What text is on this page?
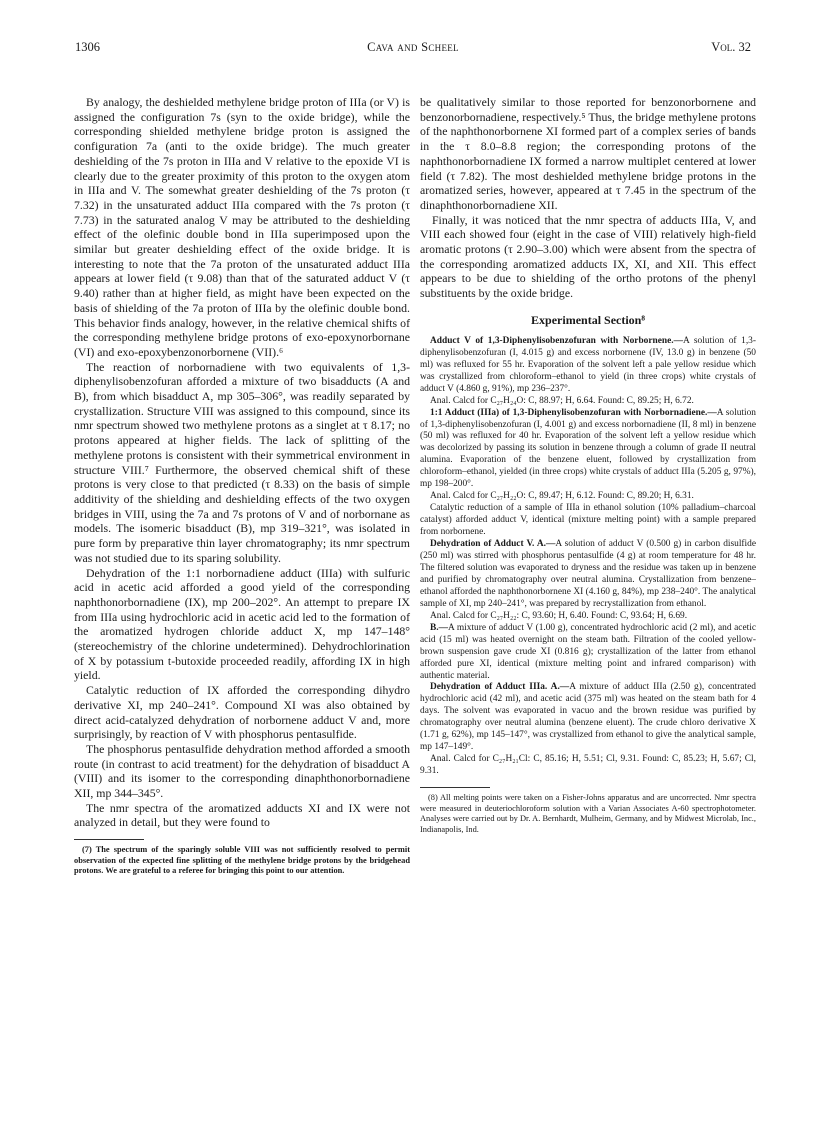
1306	Cava and Scheel	Vol. 32

By analogy, the deshielded methylene bridge proton of IIIa (or V) is assigned the configuration 7s (syn to the oxide bridge), while the corresponding shielded methylene bridge proton is assigned the configuration 7a (anti to the oxide bridge). The much greater deshielding of the 7s proton in IIIa and V relative to the epoxide VI is clearly due to the greater proximity of this proton to the oxygen atom in IIIa and V. The somewhat greater deshielding of the 7s proton (τ 7.32) in the unsaturated adduct IIIa compared with the 7s proton (τ 7.73) in the saturated analog V may be attributed to the deshielding effect of the olefinic double bond in IIIa superimposed upon the similar but greater deshielding effect of the oxide bridge. It is interesting to note that the 7a proton of the unsaturated adduct IIIa appears at lower field (τ 9.08) than that of the saturated adduct V (τ 9.40) rather than at higher field, as might have been expected on the basis of shielding of the 7a proton of IIIa by the olefinic double bond. This behavior finds analogy, however, in the relative chemical shifts of the corresponding methylene bridge protons of exo-epoxynorbornane (VI) and exo-epoxybenzonorbornene (VII).⁶

The reaction of norbornadiene with two equivalents of 1,3-diphenylisobenzofuran afforded a mixture of two bisadducts (A and B), from which bisadduct A, mp 305–306°, was readily separated by crystallization. Structure VIII was assigned to this compound, since its nmr spectrum showed two methylene protons as a singlet at τ 8.17; no protons appeared at higher fields. The lack of splitting of the methylene protons is consistent with their symmetrical environment in structure VIII.⁷ Furthermore, the observed chemical shift of these protons is very close to that predicted (τ 8.33) on the basis of simple additivity of the shielding and deshielding effects of the two oxygen bridges in VIII, using the 7a and 7s protons of V and of norbornane as models. The isomeric bisadduct (B), mp 319–321°, was isolated in pure form by preparative thin layer chromatography; its nmr spectrum was not studied due to its sparing solubility.

Dehydration of the 1:1 norbornadiene adduct (IIIa) with sulfuric acid in acetic acid afforded a good yield of the corresponding naphthonorbornadiene (IX), mp 200–202°. An attempt to prepare IX from IIIa using hydrochloric acid in acetic acid led to the formation of the aromatized hydrogen chloride adduct X, mp 147–148° (stereochemistry of the chlorine undetermined). Dehydrochlorination of X by potassium t-butoxide proceeded readily, affording IX in high yield.

Catalytic reduction of IX afforded the corresponding dihydro derivative XI, mp 240–241°. Compound XI was also obtained by direct acid-catalyzed dehydration of norbornene adduct V and, more surprisingly, by reaction of V with phosphorus pentasulfide.

The phosphorus pentasulfide dehydration method afforded a smooth route (in contrast to acid treatment) for the dehydration of bisadduct A (VIII) and its isomer to the corresponding dinaphthonorbornadiene XII, mp 344–345°.

The nmr spectra of the aromatized adducts XI and IX were not analyzed in detail, but they were found to

(7) The spectrum of the sparingly soluble VIII was not sufficiently resolved to permit observation of the expected fine splitting of the methylene bridge protons by the bridgehead protons. We are grateful to a referee for bringing this point to our attention.

be qualitatively similar to those reported for benzonorbornene and benzonorbornadiene, respectively.⁵ Thus, the bridge methylene protons of the naphthonorbornene XI formed part of a complex series of bands in the τ 8.0–8.8 region; the corresponding protons of the naphthonorbornadiene IX formed a narrow multiplet centered at lower field (τ 7.82). The most deshielded methylene bridge protons in the aromatized series, however, appeared at τ 7.45 in the spectrum of the dinaphthonorbornadiene XII.

Finally, it was noticed that the nmr spectra of adducts IIIa, V, and VIII each showed four (eight in the case of VIII) relatively high-field aromatic protons (τ 2.90–3.00) which were absent from the spectra of the corresponding aromatized adducts IX, XI, and XII. This effect appears to be due to shielding of the ortho protons of the phenyl substituents by the oxide bridge.

Experimental Section⁸

Adduct V of 1,3-Diphenylisobenzofuran with Norbornene.—A solution of 1,3-diphenylisobenzofuran (I, 4.015 g) and excess norbornene (IV, 13.0 g) in benzene (50 ml) was refluxed for 55 hr. Evaporation of the solvent left a pale yellow residue which was crystallized from chloroform–ethanol to yield (in three crops) white crystals of adduct V (4.860 g, 91%), mp 236–237°.

Anal. Calcd for C₂₇H₂₄O: C, 88.97; H, 6.64. Found: C, 89.25; H, 6.72.

1:1 Adduct (IIIa) of 1,3-Diphenylisobenzofuran with Norbornadiene.—A solution of 1,3-diphenylisobenzofuran (I, 4.001 g) and excess norbornadiene (II, 8 ml) in benzene (50 ml) was refluxed for 40 hr. Evaporation of the solvent left a yellow residue which was decolorized by passing its solution in benzene through a column of grade II neutral alumina. Evaporation of the benzene eluent, followed by crystallization from chloroform–ethanol, yielded (in three crops) white crystals of adduct IIIa (5.205 g, 97%), mp 198–200°.

Anal. Calcd for C₂₇H₂₂O: C, 89.47; H, 6.12. Found: C, 89.20; H, 6.31.

Catalytic reduction of a sample of IIIa in ethanol solution (10% palladium–charcoal catalyst) afforded adduct V, identical (mixture melting point) with a sample prepared from norbornene.

Dehydration of Adduct V. A.—A solution of adduct V (0.500 g) in carbon disulfide (250 ml) was stirred with phosphorus pentasulfide (4 g) at room temperature for 48 hr. The filtered solution was evaporated to dryness and the residue was taken up in benzene and purified by chromatography over neutral alumina. Crystallization from benzene–ethanol afforded the naphthonorbornene XI (4.160 g, 84%), mp 238–240°. The analytical sample of XI, mp 240–241°, was prepared by recrystallization from ethanol.

Anal. Calcd for C₂₇H₂₂: C, 93.60; H, 6.40. Found: C, 93.64; H, 6.69.

B.—A mixture of adduct V (1.00 g), concentrated hydrochloric acid (2 ml), and acetic acid (15 ml) was heated overnight on the steam bath. Filtration of the cooled yellow-brown suspension gave crude XI (0.816 g); crystallization of the latter from ethanol afforded pure XI, identical (mixture melting point and infrared comparison) with authentic material.

Dehydration of Adduct IIIa. A.—A mixture of adduct IIIa (2.50 g), concentrated hydrochloric acid (42 ml), and acetic acid (375 ml) was heated on the steam bath for 4 days. The solvent was evaporated in vacuo and the brown residue was purified by chromatography over neutral alumina (benzene eluent). The crude chloro derivative X (1.71 g, 62%), mp 145–147°, was crystallized from ethanol to give the analytical sample, mp 147–149°.

Anal. Calcd for C₂₇H₂₁Cl: C, 85.16; H, 5.51; Cl, 9.31. Found: C, 85.23; H, 5.67; Cl, 9.31.

(8) All melting points were taken on a Fisher-Johns apparatus and are uncorrected. Nmr spectra were measured in deuteriochloroform solution with a Varian Associates A-60 spectrophotometer. Analyses were carried out by Dr. A. Bernhardt, Mulheim, Germany, and by Midwest Microlab, Inc., Indianapolis, Ind.
